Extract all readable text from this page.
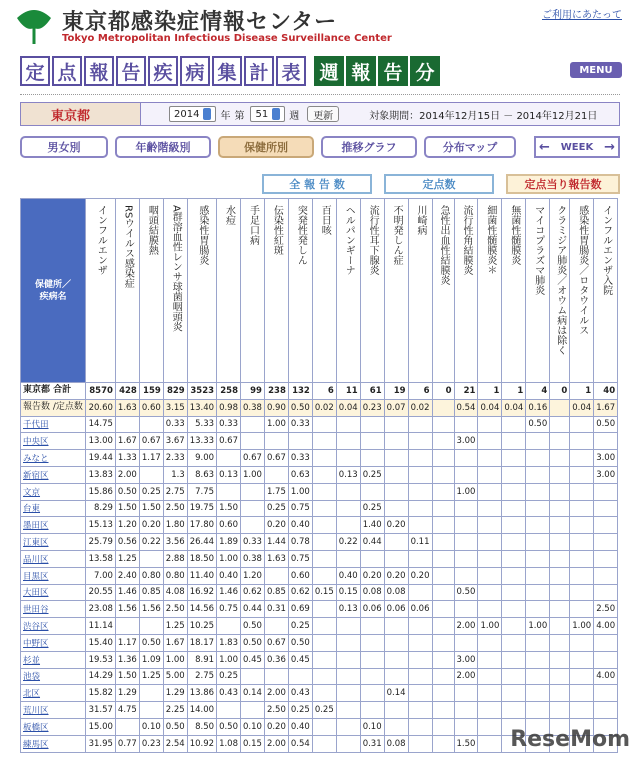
東京都感染症情報センター
Tokyo Metropolitan Infectious Disease Surveillance Center
ご利用にあたって
定 点 報 告 疾 病 集 計 表 週 報 告 分	MENU
東京都	2014 年 第 51 週	更新	対象期間：2014年12月15日 － 2014年12月21日
男女別	年齢階級別	保健所別	推移グラフ	分布マップ	←	WEEK →
全 報 告 数	定点数	定点当り報告数
保健所／疾病名	インフルエンザ	RSウイルス感染症	咽頭結膜熱	A群溶血性レンサ球菌咽頭炎	感染性胃腸炎	水痘	手足口病	伝染性紅斑	突発性発しん	百日咳	ヘルパンギーナ	流行性耳下腺炎	不明発しん症	川崎病	急性出血性結膜炎	流行性角結膜炎	細菌性髄膜炎＊	無菌性髄膜炎	マイコプラズマ肺炎	クラミジア肺炎／オウム病は除く	感染性胃腸炎／ロタウイルス	インフルエンザ入院

東京都 合計	8570	428	159	829	3523	258	99	238	132	6	11	61	19	6	0	21	1	1	4	0	1	40
報告数 /定点数	20.60	1.63	0.60	3.15	13.40	0.98	0.38	0.90	0.50	0.02	0.04	0.23	0.07	0.02		0.54	0.04	0.04	0.16		0.04	1.67
千代田	14.75			0.33	5.33	0.33		1.00	0.33										0.50			0.50
中央区	13.00	1.67	0.67	3.67	13.33	0.67										3.00						
みなと	19.44	1.33	1.17	2.33	9.00		0.67	0.67	0.33													3.00
新宿区	13.83	2.00		1.3	8.63	0.13	1.00		0.63		0.13	0.25										3.00
文京	15.86	0.50	0.25	2.75	7.75			1.75	1.00							1.00						
台東	8.29	1.50	1.50	2.50	19.75	1.50		0.25	0.75			0.25										
墨田区	15.13	1.20	0.20	1.80	17.80	0.60		0.20	0.40			1.40	0.20									
江東区	25.79	0.56	0.22	3.56	26.44	1.89	0.33	1.44	0.78		0.22	0.44		0.11								
品川区	13.58	1.25		2.88	18.50	1.00	0.38	1.63	0.75													
目黒区	7.00	2.40	0.80	0.80	11.40	0.40	1.20		0.60		0.40	0.20	0.20	0.20								
大田区	20.55	1.46	0.85	4.08	16.92	1.46	0.62	0.85	0.62	0.15	0.15	0.08	0.08			0.50						
世田谷	23.08	1.56	1.56	2.50	14.56	0.75	0.44	0.31	0.69		0.13	0.06	0.06	0.06								2.50
渋谷区	11.14			1.25	10.25		0.50		0.25							2.00	1.00		1.00		1.00	4.00
中野区	15.40	1.17	0.50	1.67	18.17	1.83	0.50	0.67	0.50													
杉並	19.53	1.36	1.09	1.00	8.91	1.00	0.45	0.36	0.45							3.00						
池袋	14.29	1.50	1.25	5.00	2.75	0.25										2.00						4.00
北区	15.82	1.29		1.29	13.86	0.43	0.14	2.00	0.43				0.14									
荒川区	31.57	4.75		2.25	14.00			2.50	0.25	0.25												
板橋区	15.00		0.10	0.50	8.50	0.50	0.10	0.20	0.40			0.10										
練馬区	31.95	0.77	0.23	2.54	10.92	1.08	0.15	2.00	0.54			0.31	0.08			1.50						ReseMom
